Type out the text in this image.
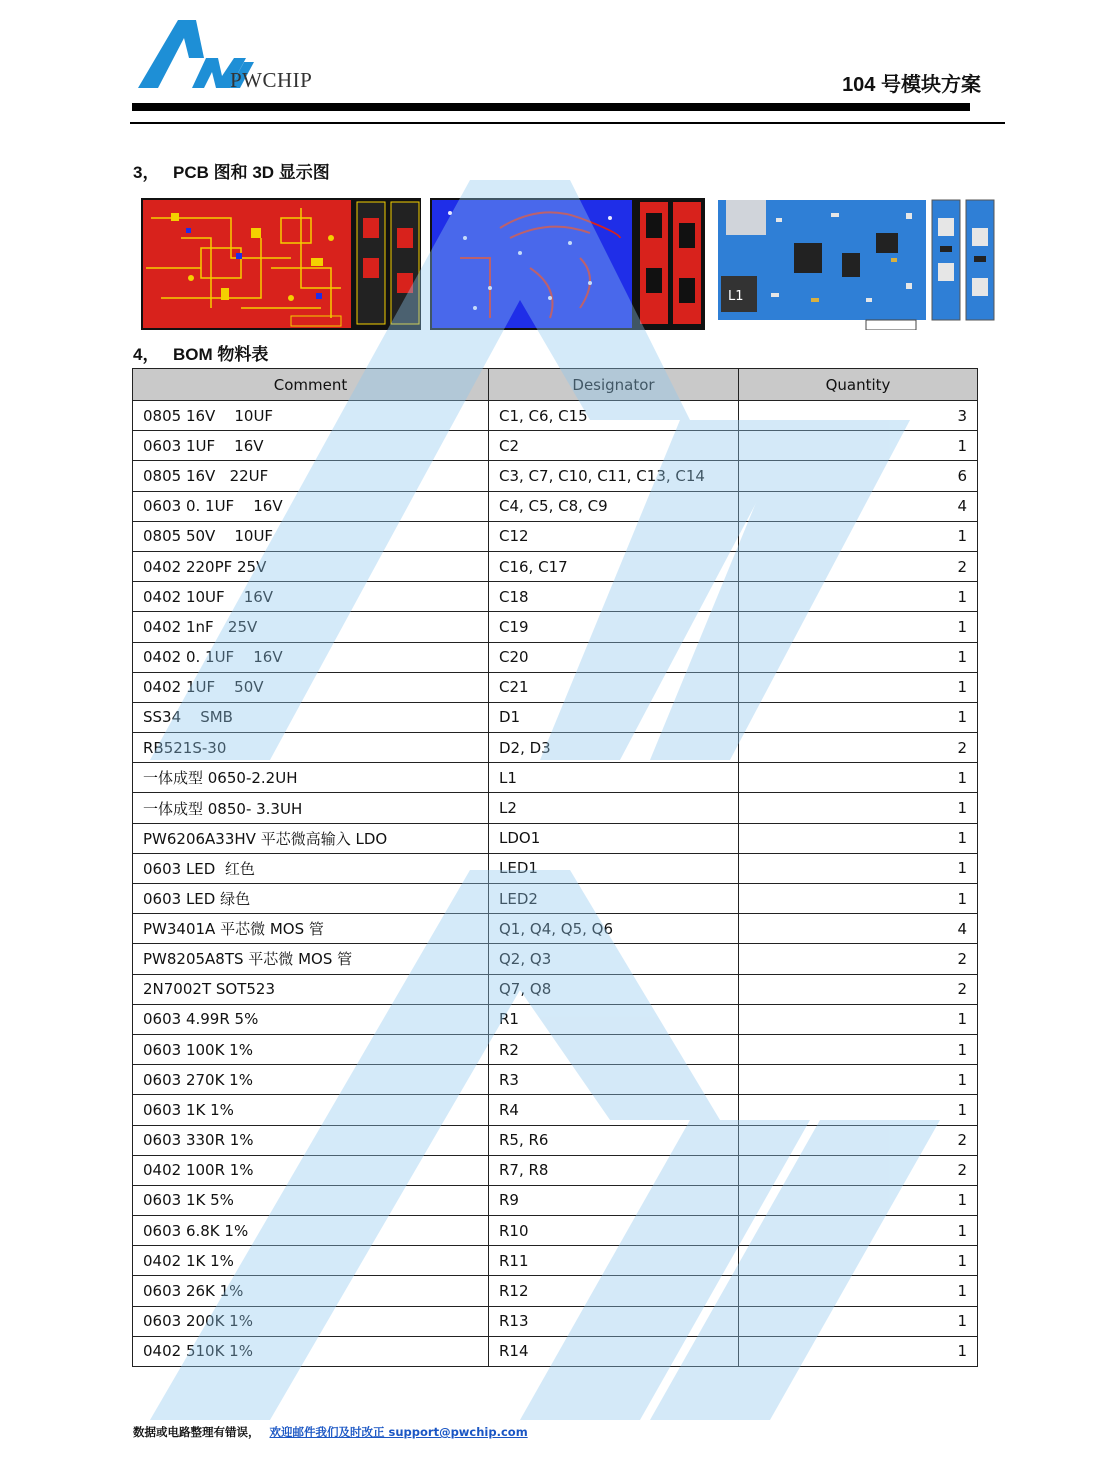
PWCHIP	104 号模块方案
3， PCB 图和 3D 显示图
L1
4， BOM 物料表
Comment	Designator	Quantity
0805 16V    10UF	C1, C6, C15	3
0603 1UF    16V	C2	1
0805 16V   22UF	C3, C7, C10, C11, C13, C14	6
0603 0. 1UF    16V	C4, C5, C8, C9	4
0805 50V    10UF	C12	1
0402 220PF 25V	C16, C17	2
0402 10UF    16V	C18	1
0402 1nF   25V	C19	1
0402 0. 1UF    16V	C20	1
0402 1UF    50V	C21	1
SS34    SMB	D1	1
RB521S-30	D2, D3	2
一体成型 0650-2.2UH	L1	1
一体成型 0850- 3.3UH	L2	1
PW6206A33HV 平芯微高输入 LDO	LDO1	1
0603 LED  红色	LED1	1
0603 LED 绿色	LED2	1
PW3401A 平芯微 MOS 管	Q1, Q4, Q5, Q6	4
PW8205A8TS 平芯微 MOS 管	Q2, Q3	2
2N7002T SOT523	Q7, Q8	2
0603 4.99R 5%	R1	1
0603 100K 1%	R2	1
0603 270K 1%	R3	1
0603 1K 1%	R4	1
0603 330R 1%	R5, R6	2
0402 100R 1%	R7, R8	2
0603 1K 5%	R9	1
0603 6.8K 1%	R10	1
0402 1K 1%	R11	1
0603 26K 1%	R12	1
0603 200K 1%	R13	1
0402 510K 1%	R14	1
数据或电路整理有错误， 欢迎邮件我们及时改正 support@pwchip.com
